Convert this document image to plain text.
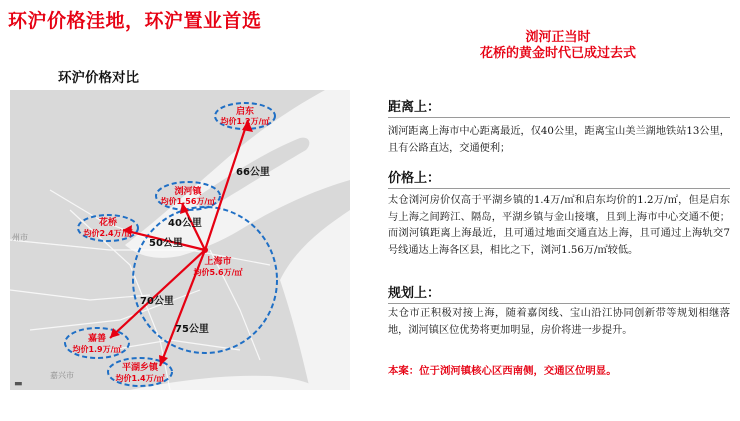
环沪价格洼地，环沪置业首选
环沪价格对比
州市
嘉兴市
启东
均价1.2万/㎡
浏河镇
均价1.56万/㎡
花桥
均价2.4万/㎡
上海市
均价5.6万/㎡
嘉善
均价1.9万/㎡
平湖乡镇
均价1.4万/㎡
66公里
40公里
50公里
70公里
75公里
▬
浏河正当时
花桥的黄金时代已成过去式
距离上：

浏河距离上海市中心距离最近，仅40公里，距离宝山美兰湖地铁站13公里，且有公路直达，交通便利；

价格上：

太仓浏河房价仅高于平湖乡镇的1.4万/㎡和启东均价的1.2万/㎡，但是启东与上海之间跨江、隔岛，平湖乡镇与金山接壤，且到上海市中心交通不便；而浏河镇距离上海最近，且可通过地面交通直达上海，且可通过上海轨交7号线通达上海各区县，相比之下，浏河1.56万/㎡较低。

规划上：

太仓市正积极对接上海，随着嘉闵线、宝山沿江协同创新带等规划相继落地，浏河镇区位优势将更加明显，房价将进一步提升。

本案：位于浏河镇核心区西南侧，交通区位明显。
